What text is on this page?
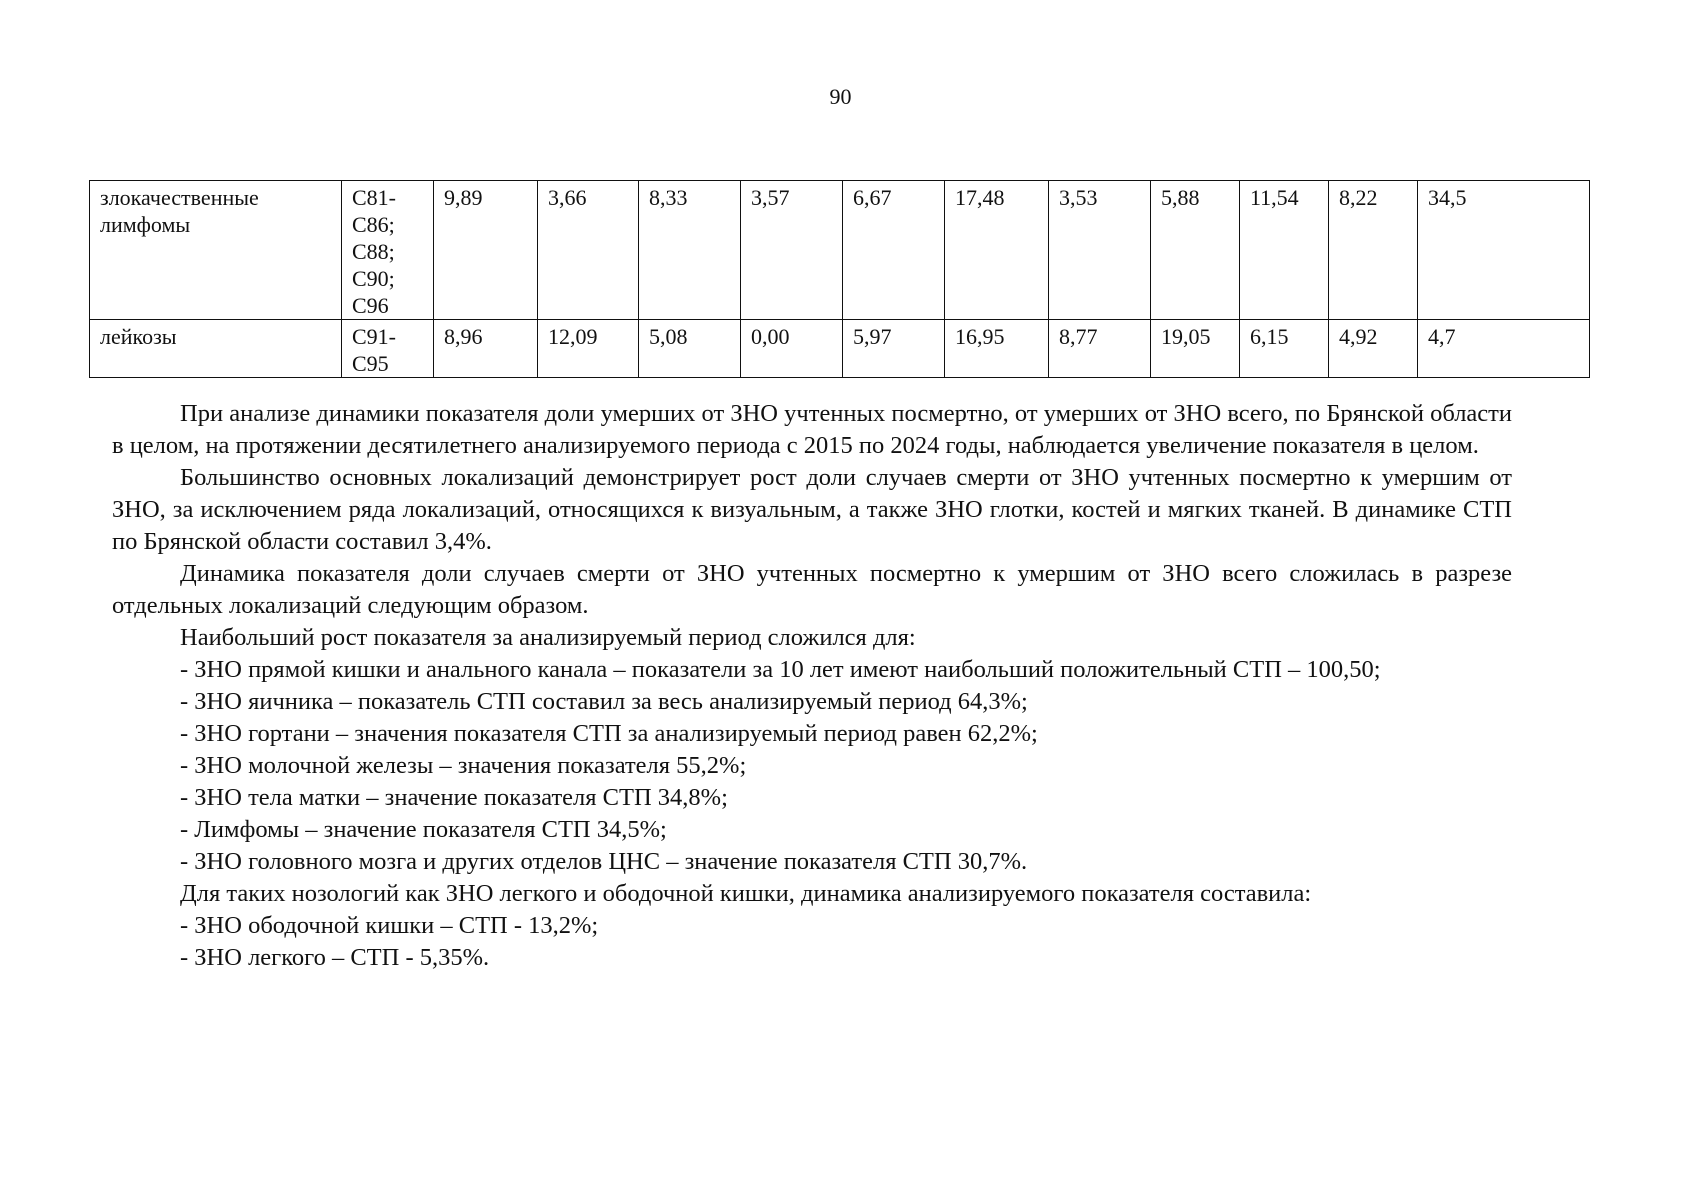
90
злокачественные
лимфомы	С81-
С86;
С88;
С90;
С96	9,89	3,66	8,33	3,57	6,67	17,48	3,53	5,88	11,54	8,22	34,5
лейкозы	С91-
С95	8,96	12,09	5,08	0,00	5,97	16,95	8,77	19,05	6,15	4,92	4,7

При анализе динамики показателя доли умерших от ЗНО учтенных посмертно, от умерших от ЗНО всего, по Брянской области в целом, на протяжении десятилетнего анализируемого периода с 2015 по 2024 годы, наблюдается увеличение показателя в целом.

Большинство основных локализаций демонстрирует рост доли случаев смерти от ЗНО учтенных посмертно к умершим от ЗНО, за исключением ряда локализаций, относящихся к визуальным, а также ЗНО глотки, костей и мягких тканей. В динамике СТП по Брянской области составил 3,4%.

Динамика показателя доли случаев смерти от ЗНО учтенных посмертно к умершим от ЗНО всего сложилась в разрезе отдельных локализаций следующим образом.

Наибольший рост показателя за анализируемый период сложился для:

- ЗНО прямой кишки и анального канала – показатели за 10 лет имеют наибольший положительный СТП – 100,50;

- ЗНО яичника – показатель СТП составил за весь анализируемый период 64,3%;

- ЗНО гортани – значения показателя СТП за анализируемый период равен 62,2%;

- ЗНО молочной железы – значения показателя 55,2%;

- ЗНО тела матки – значение показателя СТП 34,8%;

- Лимфомы – значение показателя СТП 34,5%;

- ЗНО головного мозга и других отделов ЦНС – значение показателя СТП 30,7%.

Для таких нозологий как ЗНО легкого и ободочной кишки, динамика анализируемого показателя составила:

- ЗНО ободочной кишки – СТП - 13,2%;

- ЗНО легкого – СТП - 5,35%.
